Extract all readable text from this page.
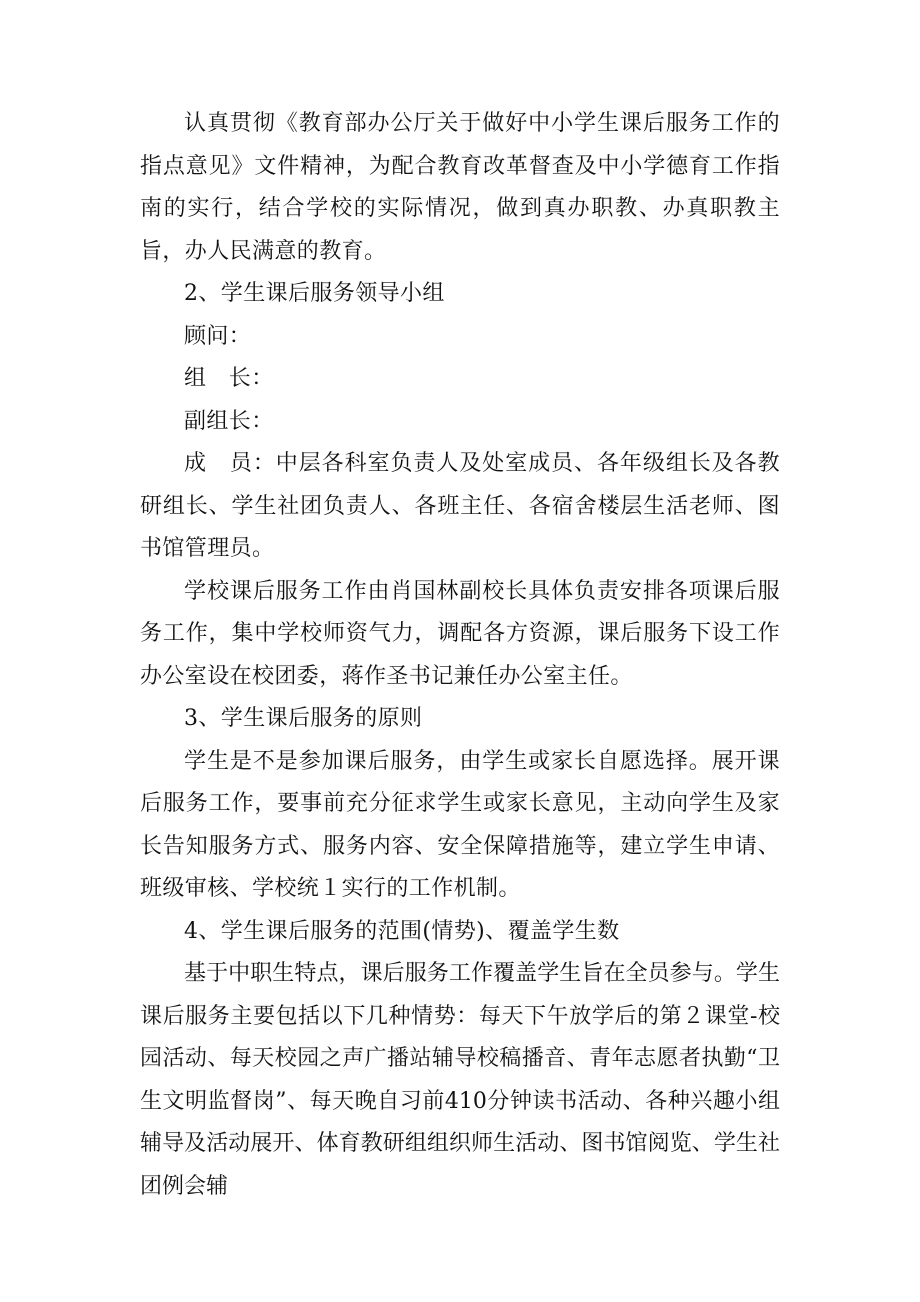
认真贯彻《教育部办公厅关于做好中小学生课后服务工作的指点意见》文件精神，为配合教育改革督查及中小学德育工作指南的实行，结合学校的实际情况，做到真办职教、办真职教主旨，办人民满意的教育。

2、学生课后服务领导小组

顾问：

组　长：

副组长：

成　员：中层各科室负责人及处室成员、各年级组长及各教研组长、学生社团负责人、各班主任、各宿舍楼层生活老师、图书馆管理员。

学校课后服务工作由肖国林副校长具体负责安排各项课后服务工作，集中学校师资气力，调配各方资源，课后服务下设工作办公室设在校团委，蒋作圣书记兼任办公室主任。

3、学生课后服务的原则

学生是不是参加课后服务，由学生或家长自愿选择。展开课后服务工作，要事前充分征求学生或家长意见，主动向学生及家长告知服务方式、服务内容、安全保障措施等，建立学生申请、班级审核、学校统１实行的工作机制。

4、学生课后服务的范围(情势)、覆盖学生数

基于中职生特点，课后服务工作覆盖学生旨在全员参与。学生课后服务主要包括以下几种情势：每天下午放学后的第２课堂-校园活动、每天校园之声广播站辅导校稿播音、青年志愿者执勤“卫生文明监督岗”、每天晚自习前410分钟读书活动、各种兴趣小组辅导及活动展开、体育教研组组织师生活动、图书馆阅览、学生社团例会辅
